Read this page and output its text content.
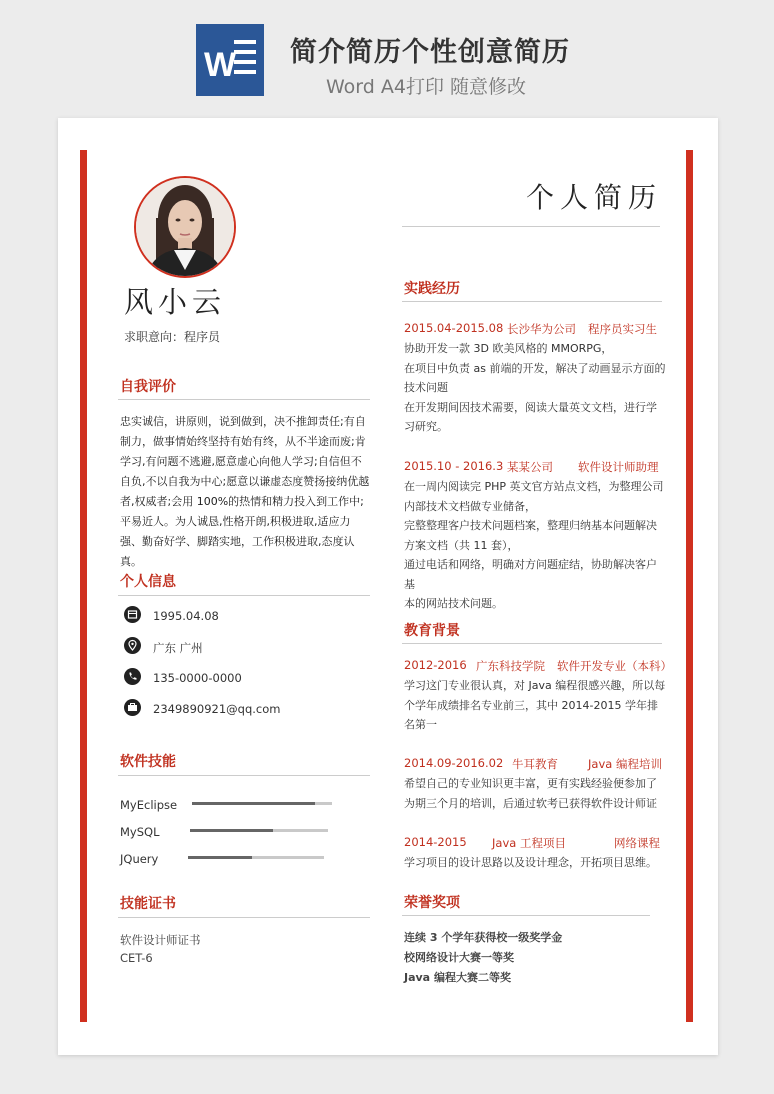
W 简介简历个性创意简历
Word A4打印 随意修改
风小云
求职意向：程序员
自我评价
忠实诚信，讲原则，说到做到，决不推卸责任;有自制力，做事情始终坚持有始有终，从不半途而废;肯学习,有问题不逃避,愿意虚心向他人学习;自信但不自负,不以自我为中心;愿意以谦虚态度赞扬接纳优越者,权威者;会用 100%的热情和精力投入到工作中;平易近人。为人诚恳,性格开朗,积极进取,适应力强、勤奋好学、脚踏实地，工作积极进取,态度认真。
个人信息
1995.04.08
广东 广州
135-0000-0000
2349890921@qq.com
软件技能
MyEclipse
MySQL
JQuery
技能证书
软件设计师证书
CET-6
个人简历
实践经历
2015.04-2015.08 长沙华为公司 程序员实习生
协助开发一款 3D 欧美风格的 MMORPG，
在项目中负责 as 前端的开发，解决了动画显示方面的技术问题
在开发期间因技术需要，阅读大量英文文档，进行学习研究。
2015.10 - 2016.3 某某公司 软件设计师助理
在一周内阅读完 PHP 英文官方站点文档，为整理公司内部技术文档做专业储备，
完整整理客户技术问题档案，整理归纳基本问题解决方案文档（共 11 套），
通过电话和网络，明确对方问题症结，协助解决客户基
本的网站技术问题。
教育背景
2012-2016 广东科技学院 软件开发专业（本科）
学习这门专业很认真，对 Java 编程很感兴趣，所以每个学年成绩排名专业前三，其中 2014-2015 学年排名第一
2014.09-2016.02 牛耳教育	Java 编程培训
希望自己的专业知识更丰富，更有实践经验便参加了为期三个月的培训，后通过软考已获得软件设计师证
2014-2015 Java 工程项目	网络课程
学习项目的设计思路以及设计理念，开拓项目思维。
荣誉奖项
连续 3 个学年获得校一级奖学金
校网络设计大赛一等奖
Java 编程大赛二等奖
